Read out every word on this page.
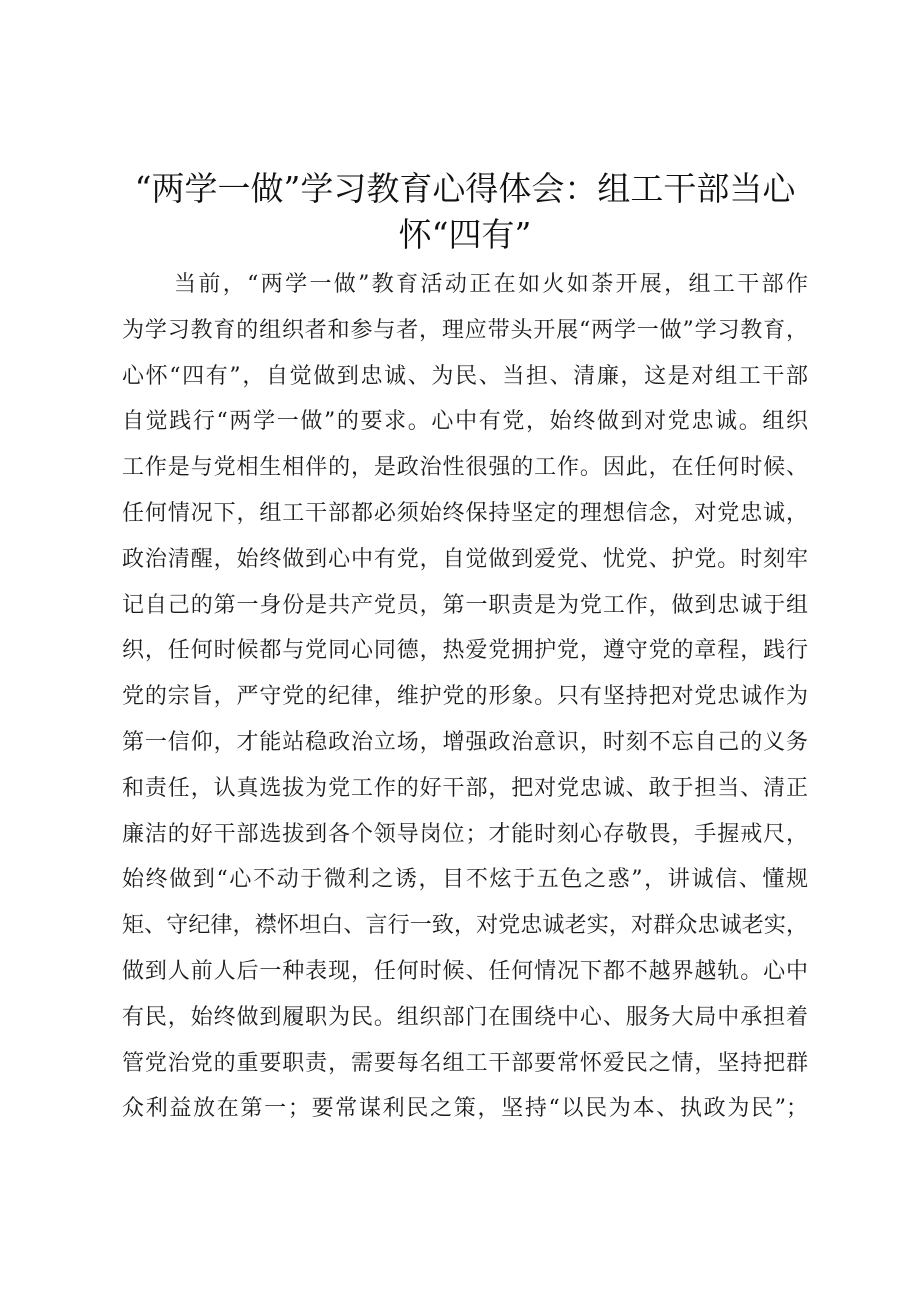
“两学一做”学习教育心得体会：组工干部当心
怀“四有”
当前，“两学一做”教育活动正在如火如荼开展，组工干部作
为学习教育的组织者和参与者，理应带头开展“两学一做”学习教育，
心怀“四有”，自觉做到忠诚、为民、当担、清廉，这是对组工干部
自觉践行“两学一做”的要求。心中有党，始终做到对党忠诚。组织
工作是与党相生相伴的，是政治性很强的工作。因此，在任何时候、
任何情况下，组工干部都必须始终保持坚定的理想信念，对党忠诚，
政治清醒，始终做到心中有党，自觉做到爱党、忧党、护党。时刻牢
记自己的第一身份是共产党员，第一职责是为党工作，做到忠诚于组
织，任何时候都与党同心同德，热爱党拥护党，遵守党的章程，践行
党的宗旨，严守党的纪律，维护党的形象。只有坚持把对党忠诚作为
第一信仰，才能站稳政治立场，增强政治意识，时刻不忘自己的义务
和责任，认真选拔为党工作的好干部，把对党忠诚、敢于担当、清正
廉洁的好干部选拔到各个领导岗位；才能时刻心存敬畏，手握戒尺，
始终做到“心不动于微利之诱，目不炫于五色之惑”，讲诚信、懂规
矩、守纪律，襟怀坦白、言行一致，对党忠诚老实，对群众忠诚老实，
做到人前人后一种表现，任何时候、任何情况下都不越界越轨。心中
有民，始终做到履职为民。组织部门在围绕中心、服务大局中承担着
管党治党的重要职责，需要每名组工干部要常怀爱民之情，坚持把群
众利益放在第一；要常谋利民之策，坚持“以民为本、执政为民”；
